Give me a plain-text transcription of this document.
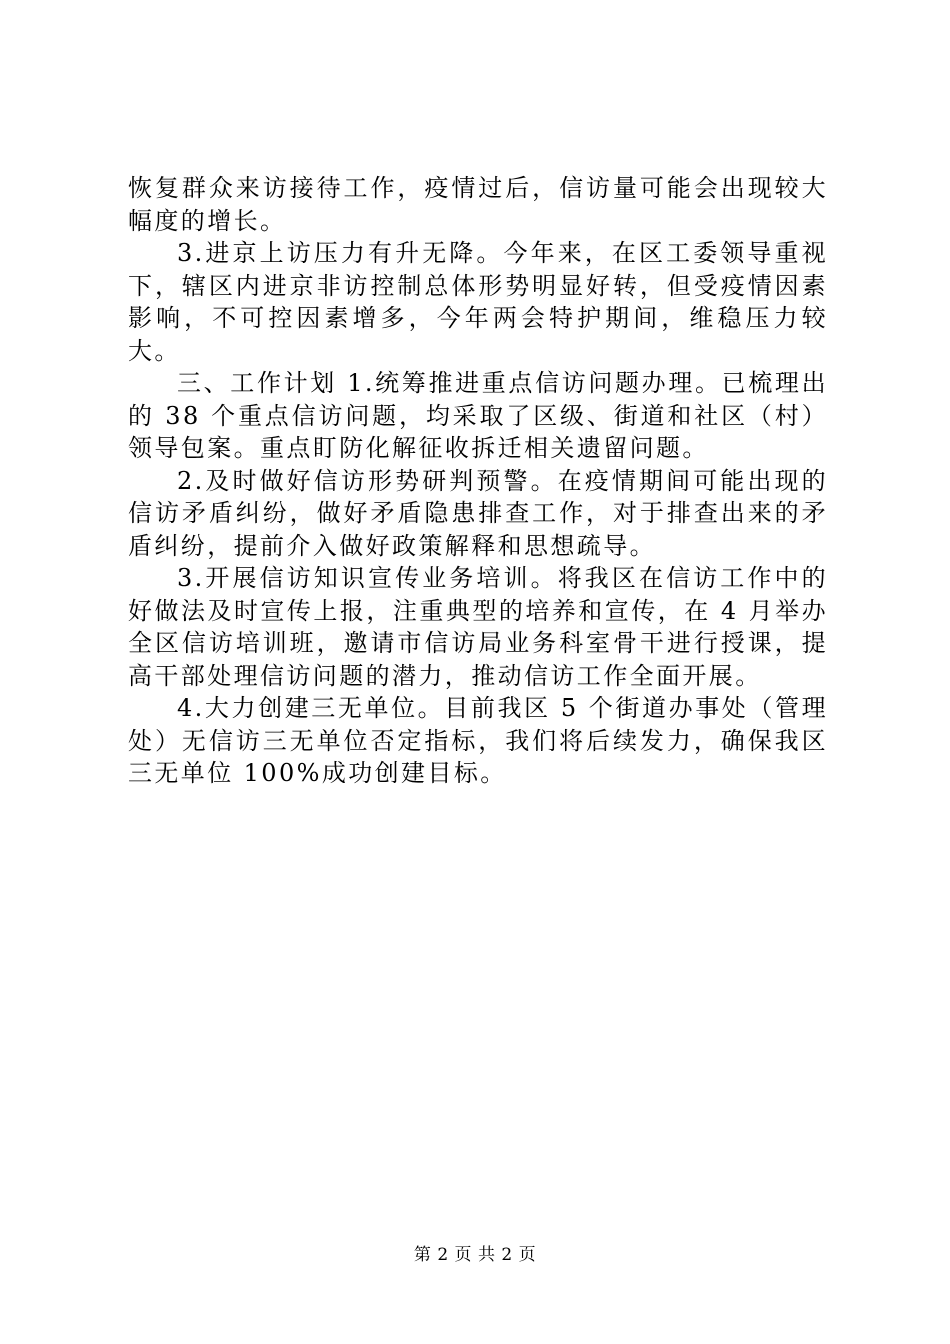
恢复群众来访接待工作，疫情过后，信访量可能会出现较大幅度的增长。

3.进京上访压力有升无降。今年来，在区工委领导重视下，辖区内进京非访控制总体形势明显好转，但受疫情因素影响，不可控因素增多，今年两会特护期间，维稳压力较大。

三、工作计划 1.统筹推进重点信访问题办理。已梳理出的 38 个重点信访问题，均采取了区级、街道和社区（村）领导包案。重点盯防化解征收拆迁相关遗留问题。

2.及时做好信访形势研判预警。在疫情期间可能出现的信访矛盾纠纷，做好矛盾隐患排查工作，对于排查出来的矛盾纠纷，提前介入做好政策解释和思想疏导。

3.开展信访知识宣传业务培训。将我区在信访工作中的好做法及时宣传上报，注重典型的培养和宣传，在 4 月举办全区信访培训班，邀请市信访局业务科室骨干进行授课，提高干部处理信访问题的潜力，推动信访工作全面开展。

4.大力创建三无单位。目前我区 5 个街道办事处（管理处）无信访三无单位否定指标，我们将后续发力，确保我区三无单位 100%成功创建目标。

第 2 页 共 2 页
